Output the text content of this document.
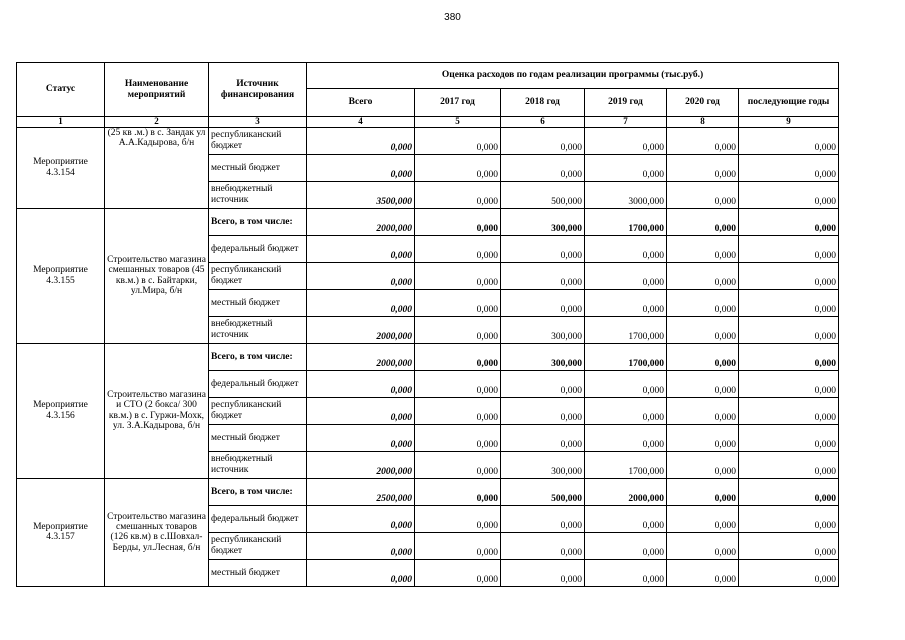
380
Статус	Наименование мероприятий	Источник финансирования	Оценка расходов по годам реализации программы (тыс.руб.)					
			Всего	2017 год	2018 год	2019 год	2020 год	последующие годы
1	2	3	4	5	6	7	8	9
Мероприятие 4.3.154	(25 кв .м.) в с. Зандак ул А.А.Кадырова, б/н	республиканский бюджет	0,000	0,000	0,000	0,000	0,000	0,000
		местный бюджет	0,000	0,000	0,000	0,000	0,000	0,000
		внебюджетный источник	3500,000	0,000	500,000	3000,000	0,000	0,000
Мероприятие 4.3.155	Строительство магазина смешанных товаров (45 кв.м.) в с. Байтарки, ул.Мира, б/н	Всего, в том числе:	2000,000	0,000	300,000	1700,000	0,000	0,000
		федеральный бюджет	0,000	0,000	0,000	0,000	0,000	0,000
		республиканский бюджет	0,000	0,000	0,000	0,000	0,000	0,000
		местный бюджет	0,000	0,000	0,000	0,000	0,000	0,000
		внебюджетный источник	2000,000	0,000	300,000	1700,000	0,000	0,000
Мероприятие 4.3.156	Строительство магазина и СТО (2 бокса/ 300 кв.м.) в с. Гуржи-Мохк, ул. З.А.Кадырова, б/н	Всего, в том числе:	2000,000	0,000	300,000	1700,000	0,000	0,000
		федеральный бюджет	0,000	0,000	0,000	0,000	0,000	0,000
		республиканский бюджет	0,000	0,000	0,000	0,000	0,000	0,000
		местный бюджет	0,000	0,000	0,000	0,000	0,000	0,000
		внебюджетный источник	2000,000	0,000	300,000	1700,000	0,000	0,000
Мероприятие 4.3.157	Строительство магазина смешанных товаров (126 кв.м) в с.Шовхал-Берды, ул.Лесная, б/н	Всего, в том числе:	2500,000	0,000	500,000	2000,000	0,000	0,000
		федеральный бюджет	0,000	0,000	0,000	0,000	0,000	0,000
		республиканский бюджет	0,000	0,000	0,000	0,000	0,000	0,000
		местный бюджет	0,000	0,000	0,000	0,000	0,000	0,000
